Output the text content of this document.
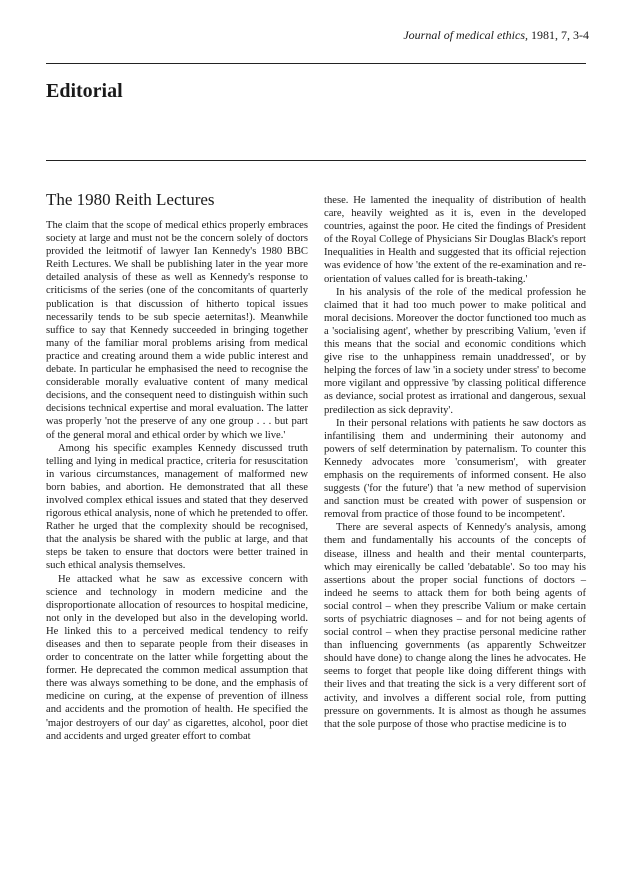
Journal of medical ethics, 1981, 7, 3-4
Editorial
The 1980 Reith Lectures

The claim that the scope of medical ethics properly embraces society at large and must not be the concern solely of doctors provided the leitmotif of lawyer Ian Kennedy's 1980 BBC Reith Lectures. We shall be publishing later in the year more detailed analysis of these as well as Kennedy's response to criticisms of the series (one of the concomitants of quarterly publication is that discussion of hitherto topical issues necessarily tends to be sub specie aeternitas!). Meanwhile suffice to say that Kennedy succeeded in bringing together many of the familiar moral problems arising from medical practice and creating around them a wide public interest and debate. In particular he emphasised the need to recognise the considerable morally evaluative content of many medical decisions, and the consequent need to distinguish within such decisions technical expertise and moral evaluation. The latter was properly 'not the preserve of any one group . . . but part of the general moral and ethical order by which we live.'

Among his specific examples Kennedy discussed truth telling and lying in medical practice, criteria for resuscitation in various circumstances, management of malformed new born babies, and abortion. He demonstrated that all these involved complex ethical issues and stated that they deserved rigorous ethical analysis, none of which he pretended to offer. Rather he urged that the complexity should be recognised, that the analysis be shared with the public at large, and that steps be taken to ensure that doctors were better trained in such ethical analysis themselves.

He attacked what he saw as excessive concern with science and technology in modern medicine and the disproportionate allocation of resources to hospital medicine, not only in the developed but also in the developing world. He linked this to a perceived medical tendency to reify diseases and then to separate people from their diseases in order to concentrate on the latter while forgetting about the former. He deprecated the common medical assumption that there was always something to be done, and the emphasis of medicine on curing, at the expense of prevention of illness and accidents and the promotion of health. He specified the 'major destroyers of our day' as cigarettes, alcohol, poor diet and accidents and urged greater effort to combat

these. He lamented the inequality of distribution of health care, heavily weighted as it is, even in the developed countries, against the poor. He cited the findings of President of the Royal College of Physicians Sir Douglas Black's report Inequalities in Health and suggested that its official rejection was evidence of how 'the extent of the re-examination and re-orientation of values called for is breath-taking.'

In his analysis of the role of the medical profession he claimed that it had too much power to make political and moral decisions. Moreover the doctor functioned too much as a 'socialising agent', whether by prescribing Valium, 'even if this means that the social and economic conditions which give rise to the unhappiness remain unaddressed', or by helping the forces of law 'in a society under stress' to become more vigilant and oppressive 'by classing political difference as deviance, social protest as irrational and dangerous, sexual predilection as sick depravity'.

In their personal relations with patients he saw doctors as infantilising them and undermining their autonomy and powers of self determination by paternalism. To counter this Kennedy advocates more 'consumerism', with greater emphasis on the requirements of informed consent. He also suggests ('for the future') that 'a new method of supervision and sanction must be created with power of suspension or removal from practice of those found to be incompetent'.

There are several aspects of Kennedy's analysis, among them and fundamentally his accounts of the concepts of disease, illness and health and their mental counterparts, which may eirenically be called 'debatable'. So too may his assertions about the proper social functions of doctors – indeed he seems to attack them for both being agents of social control – when they prescribe Valium or make certain sorts of psychiatric diagnoses – and for not being agents of social control – when they practise personal medicine rather than influencing governments (as apparently Schweitzer should have done) to change along the lines he advocates. He seems to forget that people like doing different things with their lives and that treating the sick is a very different sort of activity, and involves a different social role, from putting pressure on governments. It is almost as though he assumes that the sole purpose of those who practise medicine is to
